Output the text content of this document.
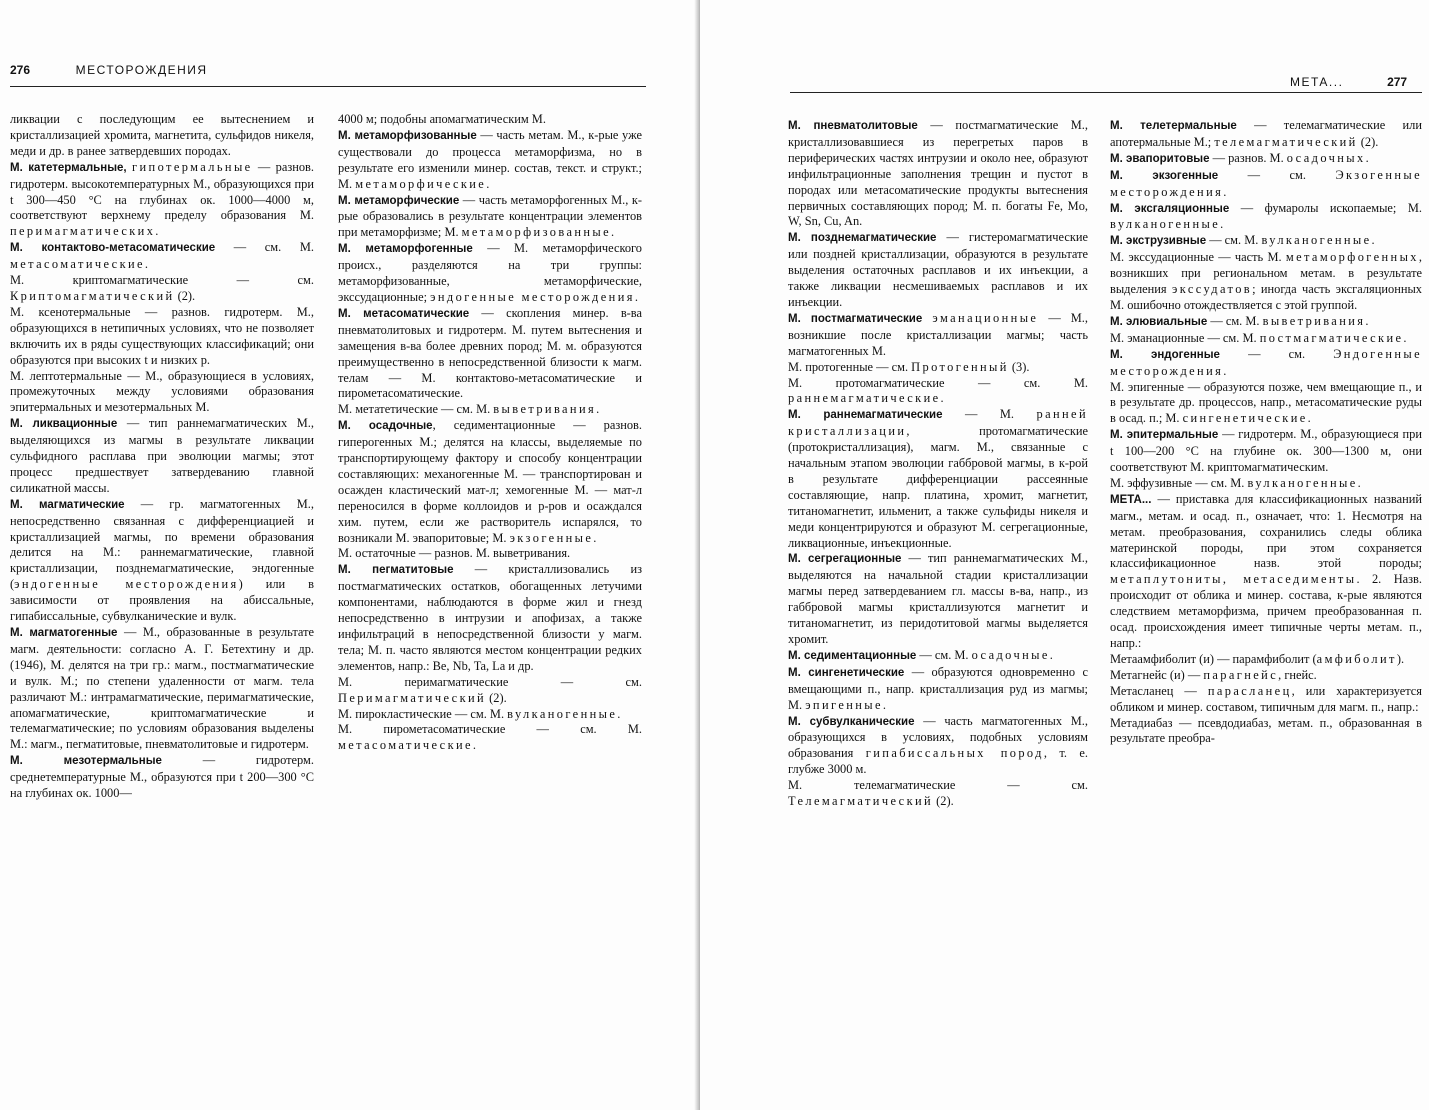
276	МЕСТОРОЖДЕНИЯ

ликвации с последующим ее вытеснением и кристаллизацией хромита, магнетита, сульфидов никеля, меди и др. в ранее затвердевших породах.

М. катетермальные, гипотермальные — разнов. гидротерм. высокотемпературных М., образующихся при t 300—450 °С на глубинах ок. 1000—4000 м, соответствуют верхнему пределу образования М. перимагматических.

М. контактово-метасоматические — см. М. метасоматические.

М. криптомагматические — см. Криптомагматический (2).

М. ксенотермальные — разнов. гидротерм. М., образующихся в нетипичных условиях, что не позволяет включить их в ряды существующих классификаций; они образуются при высоких t и низких p.

М. лептотермальные — М., образующиеся в условиях, промежуточных между условиями образования эпитермальных и мезотермальных М.

М. ликвационные — тип раннемагматических М., выделяющихся из магмы в результате ликвации сульфидного расплава при эволюции магмы; этот процесс предшествует затвердеванию главной силикатной массы.

М. магматические — гр. магматогенных М., непосредственно связанная с дифференциацией и кристаллизацией магмы, по времени образования делится на М.: раннемагматические, главной кристаллизации, позднемагматические, эндогенные (эндогенные месторождения) или в зависимости от проявления на абиссальные, гипабиссальные, субвулканические и вулк.

М. магматогенные — М., образованные в результате магм. деятельности: согласно А. Г. Бетехтину и др. (1946), М. делятся на три гр.: магм., постмагматические и вулк. М.; по степени удаленности от магм. тела различают М.: интрамагматические, перимагматические, апомагматические, криптомагматические и телемагматические; по условиям образования выделены М.: магм., пегматитовые, пневматолитовые и гидротерм.

М. мезотермальные — гидротерм. среднетемпературные М., образуются при t 200—300 °С на глубинах ок. 1000—

4000 м; подобны апомагматическим М.

М. метаморфизованные — часть метам. М., к-рые уже существовали до процесса метаморфизма, но в результате его изменили минер. состав, текст. и структ.; М. метаморфические.

М. метаморфические — часть метаморфогенных М., к-рые образовались в результате концентрации элементов при метаморфизме; М. метаморфизованные.

М. метаморфогенные — М. метаморфического происх., разделяются на три группы: метаморфизованные, метаморфические, экссудационные; эндогенные месторождения.

М. метасоматические — скопления минер. в-ва пневматолитовых и гидротерм. М. путем вытеснения и замещения в-ва более древних пород; М. м. образуются преимущественно в непосредственной близости к магм. телам — М. контактово-метасоматические и пирометасоматические.

М. метатетические — см. М. выветривания.

М. осадочные, седиментационные — разнов. гиперогенных М.; делятся на классы, выделяемые по транспортирующему фактору и способу концентрации составляющих: механогенные М. — транспортирован и осажден кластический мат-л; хемогенные М. — мат-л переносился в форме коллоидов и р-ров и осаждался хим. путем, если же растворитель испарялся, то возникали М. эвапоритовые; М. экзогенные.

М. остаточные — разнов. М. выветривания.

М. пегматитовые — кристаллизовались из постмагматических остатков, обогащенных летучими компонентами, наблюдаются в форме жил и гнезд непосредственно в интрузии и апофизах, а также инфильтраций в непосредственной близости у магм. тела; М. п. часто являются местом концентрации редких элементов, напр.: Be, Nb, Ta, La и др.

М. перимагматические — см. Перимагматический (2).

М. пирокластические — см. М. вулканогенные.

М. пирометасоматические — см. М. метасоматические.

МЕТА...	277

М. пневматолитовые — постмагматические М., кристаллизовавшиеся из перегретых паров в периферических частях интрузии и около нее, образуют инфильтрационные заполнения трещин и пустот в породах или метасоматические продукты вытеснения первичных составляющих пород; М. п. богаты Fe, Mo, W, Sn, Cu, An.

М. позднемагматические — гистеромагматические или поздней кристаллизации, образуются в результате выделения остаточных расплавов и их инъекции, а также ликвации несмешиваемых расплавов и их инъекции.

М. постмагматические эманационные — М., возникшие после кристаллизации магмы; часть магматогенных М.

М. протогенные — см. Протогенный (3).

М. протомагматические — см. М. раннемагматические.

М. раннемагматические — М. ранней кристаллизации, протомагматические (протокристаллизация), магм. М., связанные с начальным этапом эволюции габбровой магмы, в к-рой в результате дифференциации рассеянные составляющие, напр. платина, хромит, магнетит, титаномагнетит, ильменит, а также сульфиды никеля и меди концентрируются и образуют М. сегрегационные, ликвационные, инъекционные.

М. сегрегационные — тип раннемагматических М., выделяются на начальной стадии кристаллизации магмы перед затвердеванием гл. массы в-ва, напр., из габбровой магмы кристаллизуются магнетит и титаномагнетит, из перидотитовой магмы выделяется хромит.

М. седиментационные — см. М. осадочные.

М. сингенетические — образуются одновременно с вмещающими п., напр. кристаллизация руд из магмы; М. эпигенные.

М. субвулканические — часть магматогенных М., образующихся в условиях, подобных условиям образования гипабиссальных пород, т. е. глубже 3000 м.

М. телемагматические — см. Телемагматический (2).

М. телетермальные — телемагматические или апотермальные М.; телемагматический (2).

М. эвапоритовые — разнов. М. осадочных.

М. экзогенные — см. Экзогенные месторождения.

М. эксгаляционные — фумаролы ископаемые; М. вулканогенные.

М. экструзивные — см. М. вулканогенные.

М. экссудационные — часть М. метаморфогенных, возникших при региональном метам. в результате выделения экссудатов; иногда часть эксгаляционных М. ошибочно отождествляется с этой группой.

М. элювиальные — см. М. выветривания.

М. эманационные — см. М. постмагматические.

М. эндогенные — см. Эндогенные месторождения.

М. эпигенные — образуются позже, чем вмещающие п., и в результате др. процессов, напр., метасоматические руды в осад. п.; М. сингенетические.

М. эпитермальные — гидротерм. М., образующиеся при t 100—200 °С на глубине ок. 300—1300 м, они соответствуют М. криптомагматическим.

М. эффузивные — см. М. вулканогенные.

МЕТА... — приставка для классификационных названий магм., метам. и осад. п., означает, что: 1. Несмотря на метам. преобразования, сохранились следы облика материнской породы, при этом сохраняется классификационное назв. этой породы; метаплутониты, метаседименты. 2. Назв. происходит от облика и минер. состава, к-рые являются следствием метаморфизма, причем преобразованная п. осад. происхождения имеет типичные черты метам. п., напр.:

Метаамфиболит (и) — парамфиболит (амфиболит).

Метагнейс (и) — парагнейс, гнейс.

Метасланец — парасланец, или характеризуется обликом и минер. составом, типичным для магм. п., напр.:

Метадиабаз — псевдодиабаз, метам. п., образованная в результате преобра-
